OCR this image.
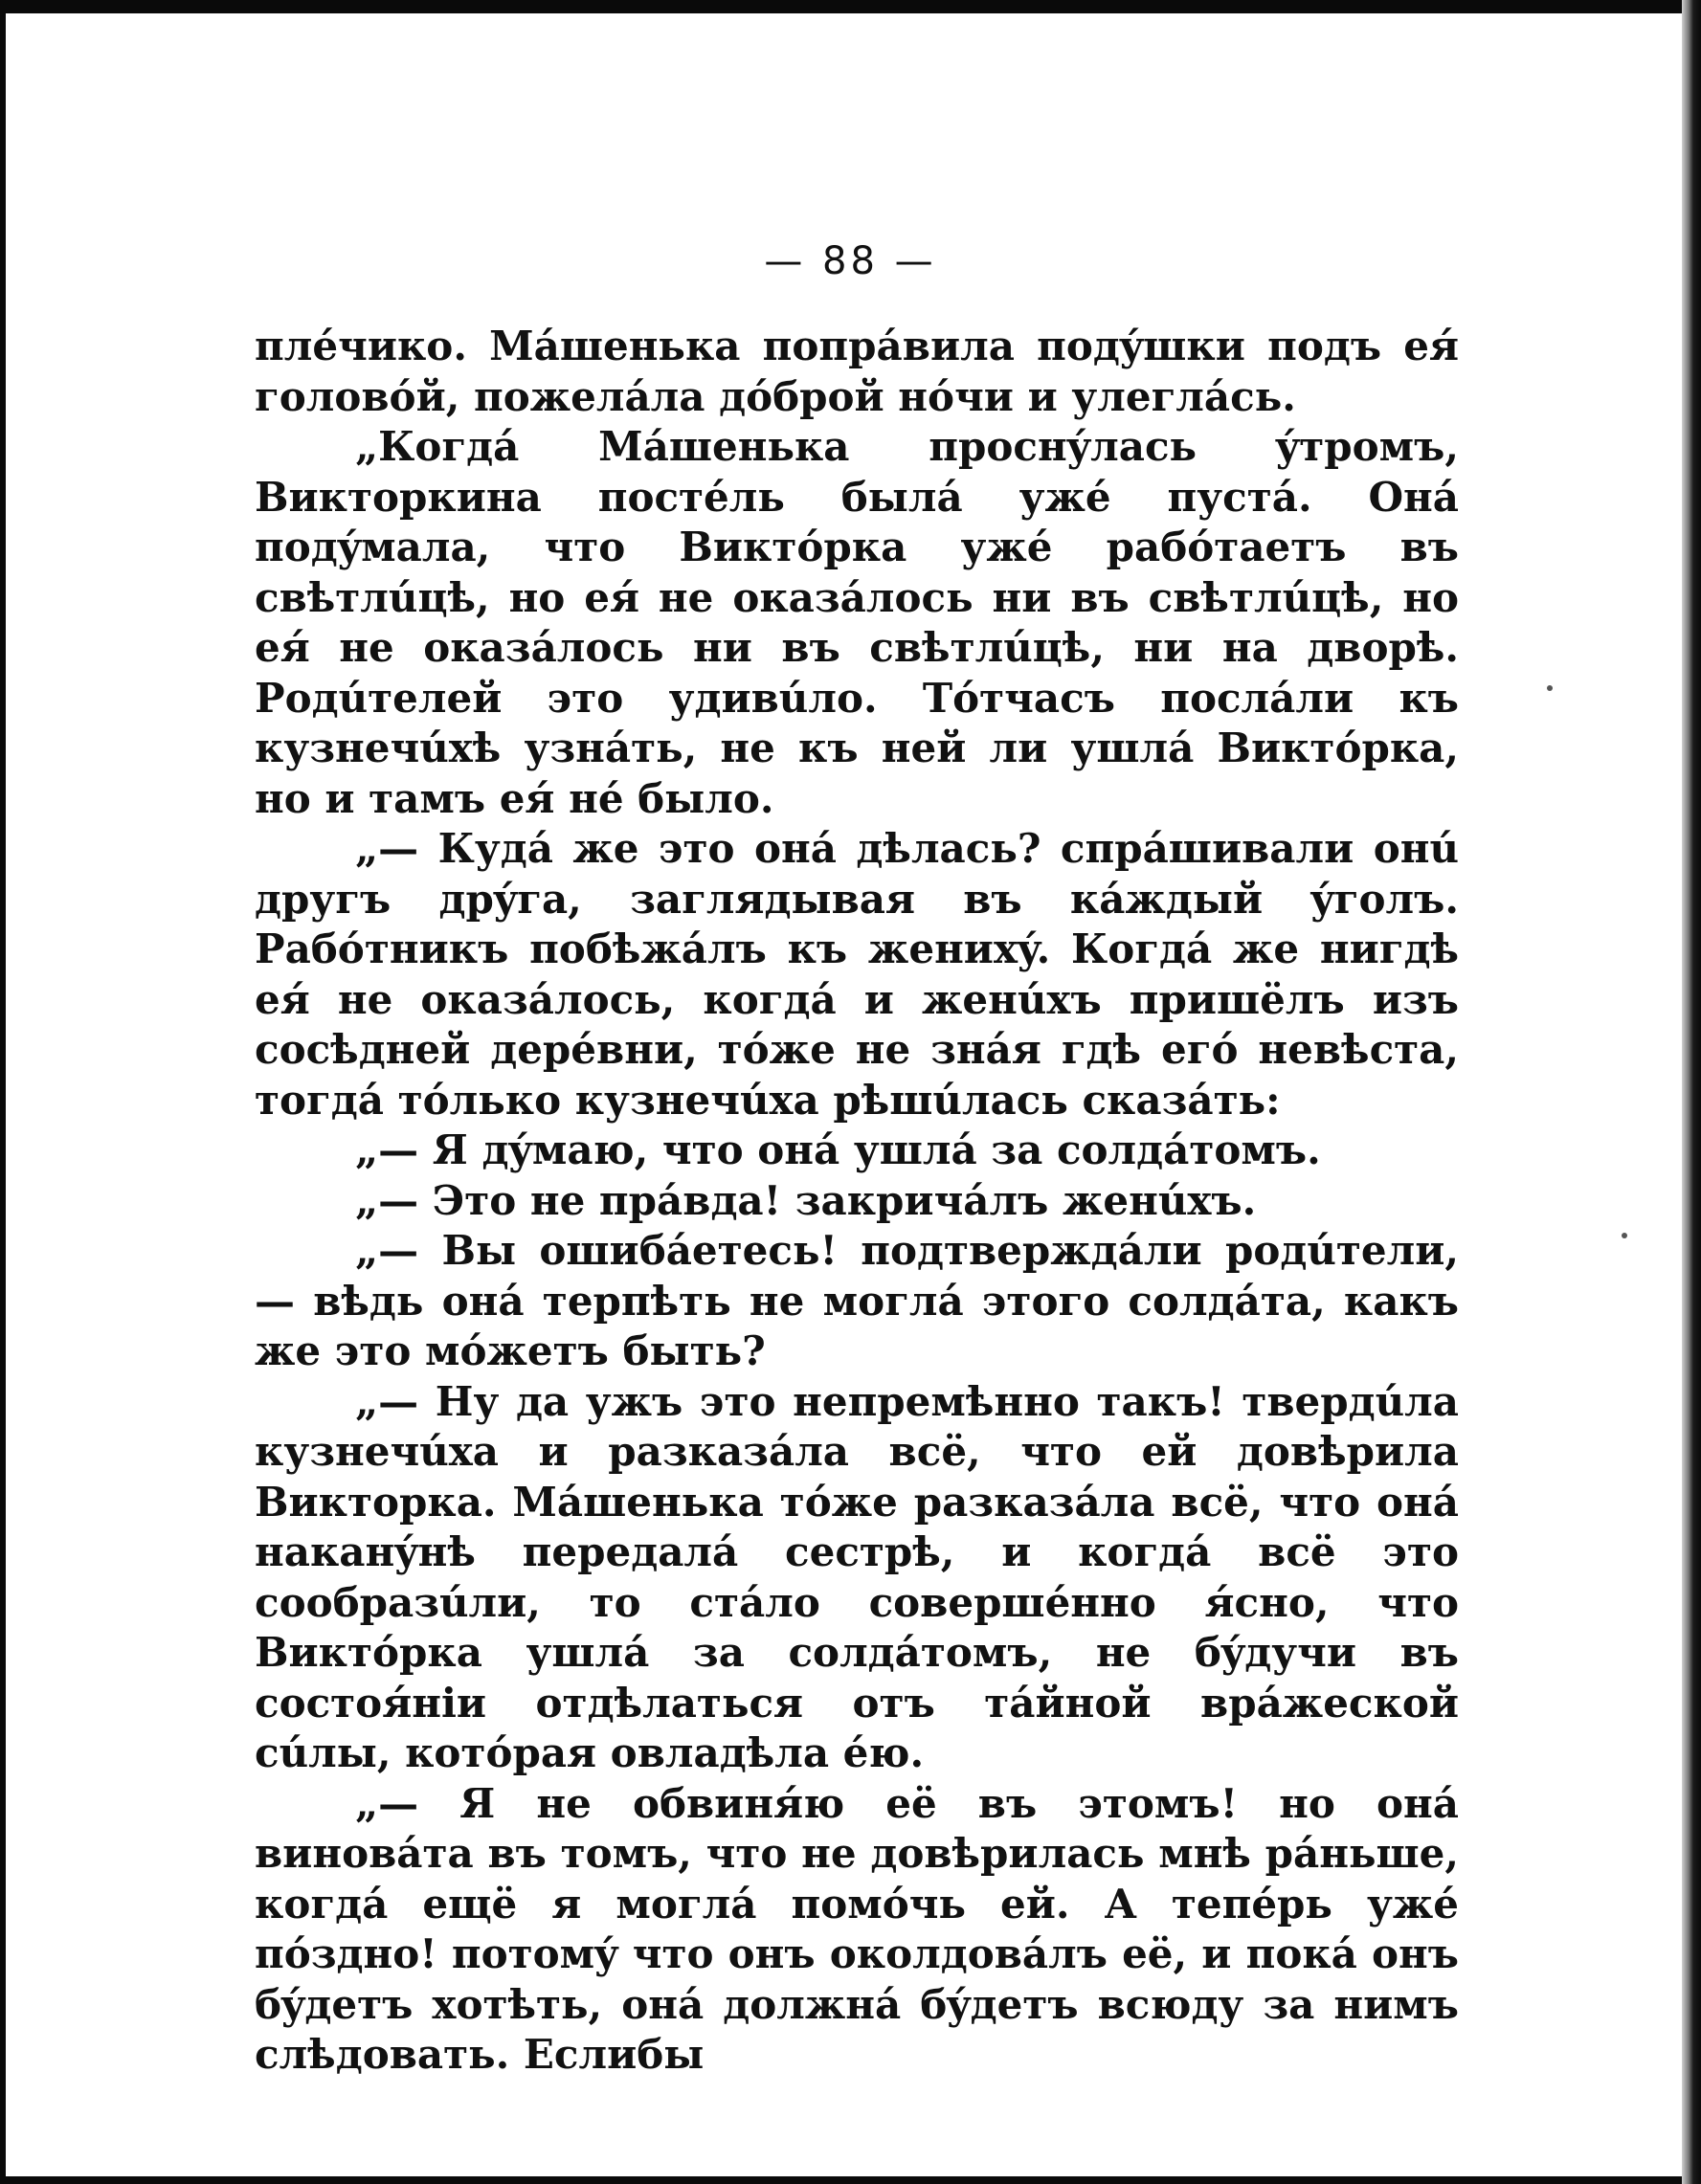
— 88 —

плéчико. Мáшенька попрáвила подýшки подъ ея́ головóй, пожелáла дóброй нóчи и улеглáсь.

„Когдá Мáшенька проснýлась ýтромъ, Викторкина постéль былá ужé пустá. Онá подýмала, что Виктóрка ужé рабóтаетъ въ свѣтлúцѣ, но ея́ не оказáлось ни въ свѣтлúцѣ, но ея́ не оказáлось ни въ свѣтлúцѣ, ни на дворѣ. Родúтелей это удивúло. Тóтчасъ послáли къ кузнечúхѣ узнáть, не къ ней ли ушлá Виктóрка, но и тамъ ея́ нé было.

„— Кудá же это онá дѣлась? спрáшивали онú другъ дрýга, заглядывая въ кáждый ýголъ. Рабóтникъ побѣжáлъ къ женихý. Когдá же нигдѣ ея́ не оказáлось, когдá и женúхъ пришёлъ изъ сосѣдней дерéвни, тóже не знáя гдѣ егó невѣста, тогдá тóлько кузнечúха рѣшúлась сказáть:

„— Я дýмаю, что онá ушлá за солдáтомъ.

„— Это не прáвда! закричáлъ женúхъ.

„— Вы ошибáетесь! подтверждáли родúтели, — вѣдь онá терпѣть не моглá этого солдáта, какъ же это мóжетъ быть?

„— Ну да ужъ это непремѣнно такъ! твердúла кузнечúха и разказáла всё, что ей довѣрила Викторка. Мáшенька тóже разказáла всё, что онá наканýнѣ передалá сестрѣ, и когдá всё это сообразúли, то стáло совершéнно я́сно, что Виктóрка ушлá за солдáтомъ, не бýдучи въ состоя́нiи отдѣлаться отъ тáйной врáжеской сúлы, котóрая овладѣла éю.

„— Я не обвиня́ю её въ этомъ! но онá виновáта въ томъ, что не довѣрилась мнѣ рáньше, когдá ещё я моглá помóчь ей. А тепéрь ужé пóздно! потомý что онъ околдовáлъ её, и покá онъ бýдетъ хотѣть, онá должнá бýдетъ всюду за нимъ слѣдовать. Еслибы
